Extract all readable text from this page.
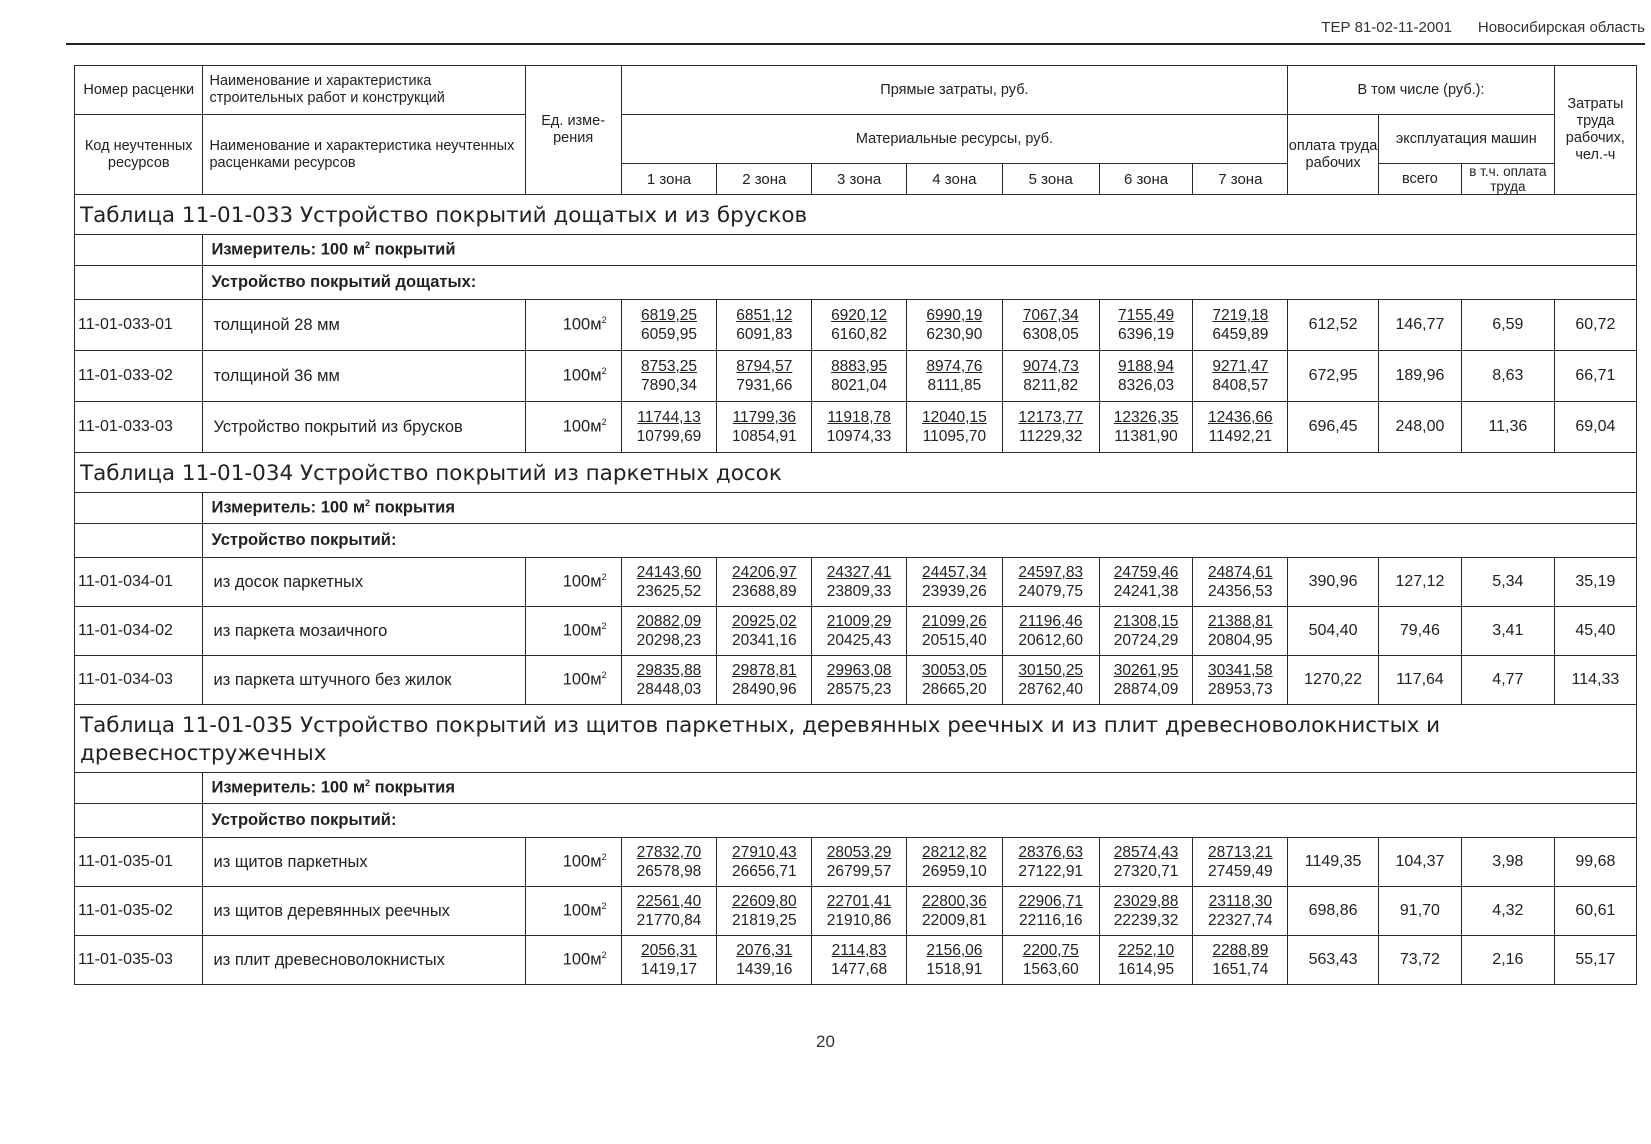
ТЕР 81-02-11-2001 Новосибирская область
Номер расценки	Наименование и характеристика строительных работ и конструкций	Ед. изме-рения	Прямые затраты, руб.							В том числе (руб.):			Затраты труда рабочих, чел.-ч
Код неучтенных ресурсов	Наименование и характеристика неучтенных расценками ресурсов		Материальные ресурсы, руб.							оплата труда рабочих	эксплуатация машин		
			1 зона	2 зона	3 зона	4 зона	5 зона	6 зона	7 зона		всего	в т.ч. оплата труда	
Таблица 11-01-033 Устройство покрытий дощатых и из брусков													
	Измеритель: 100 $м^2$ покрытий												
	Устройство покрытий дощатых:												
11-01-033-01	толщиной 28 мм	$100м^2$	$\frac{6819,25}{6059,95}$	$\frac{6851,12}{6091,83}$	$\frac{6920,12}{6160,82}$	$\frac{6990,19}{6230,90}$	$\frac{7067,34}{6308,05}$	$\frac{7155,49}{6396,19}$	$\frac{7219,18}{6459,89}$	612,52	146,77	6,59	60,72
11-01-033-02	толщиной 36 мм	$100м^2$	$\frac{8753,25}{7890,34}$	$\frac{8794,57}{7931,66}$	$\frac{8883,95}{8021,04}$	$\frac{8974,76}{8111,85}$	$\frac{9074,73}{8211,82}$	$\frac{9188,94}{8326,03}$	$\frac{9271,47}{8408,57}$	672,95	189,96	8,63	66,71
11-01-033-03	Устройство покрытий из брусков	$100м^2$	$\frac{11744,13}{10799,69}$	$\frac{11799,36}{10854,91}$	$\frac{11918,78}{10974,33}$	$\frac{12040,15}{11095,70}$	$\frac{12173,77}{11229,32}$	$\frac{12326,35}{11381,90}$	$\frac{12436,66}{11492,21}$	696,45	248,00	11,36	69,04
Таблица 11-01-034 Устройство покрытий из паркетных досок													
	Измеритель: 100 $м^2$ покрытия												
	Устройство покрытий:												
11-01-034-01	из досок паркетных	$100м^2$	$\frac{24143,60}{23625,52}$	$\frac{24206,97}{23688,89}$	$\frac{24327,41}{23809,33}$	$\frac{24457,34}{23939,26}$	$\frac{24597,83}{24079,75}$	$\frac{24759,46}{24241,38}$	$\frac{24874,61}{24356,53}$	390,96	127,12	5,34	35,19
11-01-034-02	из паркета мозаичного	$100м^2$	$\frac{20882,09}{20298,23}$	$\frac{20925,02}{20341,16}$	$\frac{21009,29}{20425,43}$	$\frac{21099,26}{20515,40}$	$\frac{21196,46}{20612,60}$	$\frac{21308,15}{20724,29}$	$\frac{21388,81}{20804,95}$	504,40	79,46	3,41	45,40
11-01-034-03	из паркета штучного без жилок	$100м^2$	$\frac{29835,88}{28448,03}$	$\frac{29878,81}{28490,96}$	$\frac{29963,08}{28575,23}$	$\frac{30053,05}{28665,20}$	$\frac{30150,25}{28762,40}$	$\frac{30261,95}{28874,09}$	$\frac{30341,58}{28953,73}$	1270,22	117,64	4,77	114,33
Таблица 11-01-035 Устройство покрытий из щитов паркетных, деревянных реечных и из плит древесноволокнистых и древесностружечных													
	Измеритель: 100 $м^2$ покрытия												
	Устройство покрытий:												
11-01-035-01	из щитов паркетных	$100м^2$	$\frac{27832,70}{26578,98}$	$\frac{27910,43}{26656,71}$	$\frac{28053,29}{26799,57}$	$\frac{28212,82}{26959,10}$	$\frac{28376,63}{27122,91}$	$\frac{28574,43}{27320,71}$	$\frac{28713,21}{27459,49}$	1149,35	104,37	3,98	99,68
11-01-035-02	из щитов деревянных реечных	$100м^2$	$\frac{22561,40}{21770,84}$	$\frac{22609,80}{21819,25}$	$\frac{22701,41}{21910,86}$	$\frac{22800,36}{22009,81}$	$\frac{22906,71}{22116,16}$	$\frac{23029,88}{22239,32}$	$\frac{23118,30}{22327,74}$	698,86	91,70	4,32	60,61
11-01-035-03	из плит древесноволокнистых	$100м^2$	$\frac{2056,31}{1419,17}$	$\frac{2076,31}{1439,16}$	$\frac{2114,83}{1477,68}$	$\frac{2156,06}{1518,91}$	$\frac{2200,75}{1563,60}$	$\frac{2252,10}{1614,95}$	$\frac{2288,89}{1651,74}$	563,43	73,72	2,16	55,17
20
